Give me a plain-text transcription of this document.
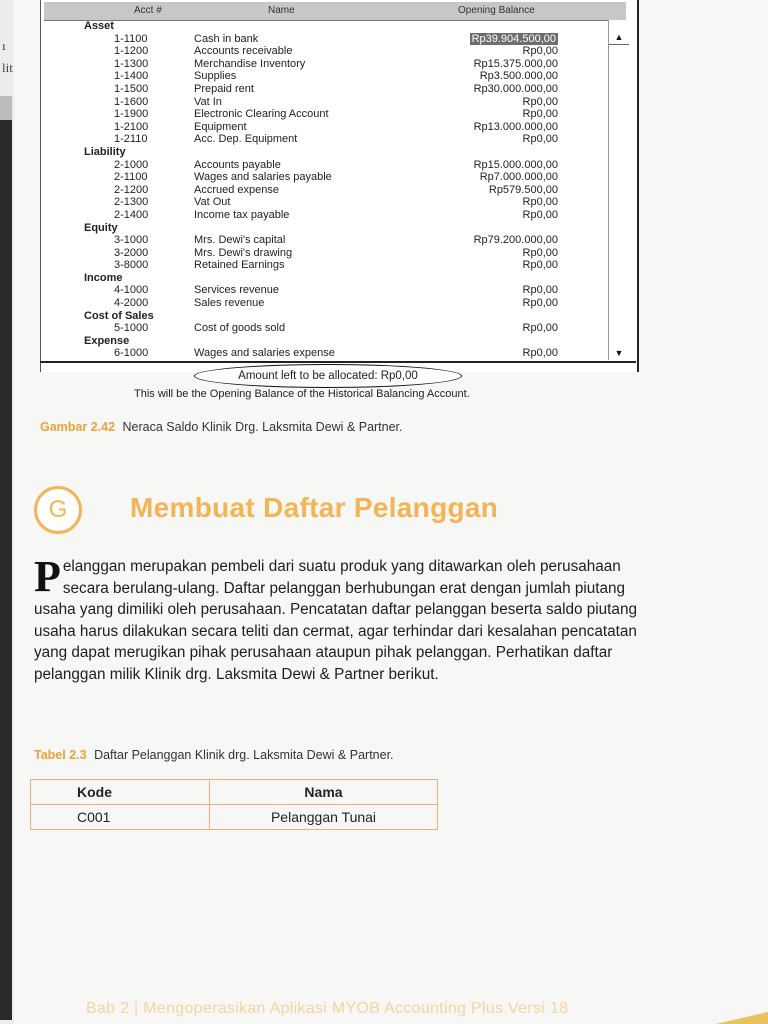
ı
lit
Acct #	Name	Opening Balance
Asset
1-1100	Cash in bank	Rp39.904.500,00
1-1200	Accounts receivable	Rp0,00
1-1300	Merchandise Inventory	Rp15.375.000,00
1-1400	Supplies	Rp3.500.000,00
1-1500	Prepaid rent	Rp30.000.000,00
1-1600	Vat In	Rp0,00
1-1900	Electronic Clearing Account	Rp0,00
1-2100	Equipment	Rp13.000.000,00
1-2110	Acc. Dep. Equipment	Rp0,00
Liability
2-1000	Accounts payable	Rp15.000.000,00
2-1100	Wages and salaries payable	Rp7.000.000,00
2-1200	Accrued expense	Rp579.500,00
2-1300	Vat Out	Rp0,00
2-1400	Income tax payable	Rp0,00
Equity
3-1000	Mrs. Dewi's capital	Rp79.200.000,00
3-2000	Mrs. Dewi's drawing	Rp0,00
3-8000	Retained Earnings	Rp0,00
Income
4-1000	Services revenue	Rp0,00
4-2000	Sales revenue	Rp0,00
Cost of Sales
5-1000	Cost of goods sold	Rp0,00
Expense
6-1000	Wages and salaries expense	Rp0,00
▲
▼
Amount left to be allocated: Rp0,00
This will be the Opening Balance of the Historical Balancing Account.
Gambar 2.42 Neraca Saldo Klinik Drg. Laksmita Dewi & Partner.
G	Membuat Daftar Pelanggan
Pelanggan merupakan pembeli dari suatu produk yang ditawarkan oleh perusahaan secara berulang-ulang. Daftar pelanggan berhubungan erat dengan jumlah piutang usaha yang dimiliki oleh perusahaan. Pencatatan daftar pelanggan beserta saldo piutang usaha harus dilakukan secara teliti dan cermat, agar terhindar dari kesalahan pencatatan yang dapat merugikan pihak perusahaan ataupun pihak pelanggan. Perhatikan daftar pelanggan milik Klinik drg. Laksmita Dewi & Partner berikut.
Tabel 2.3 Daftar Pelanggan Klinik drg. Laksmita Dewi & Partner.
Kode	Nama
C001	Pelanggan Tunai
Bab 2 | Mengoperasikan Aplikasi MYOB Accounting Plus Versi 18
